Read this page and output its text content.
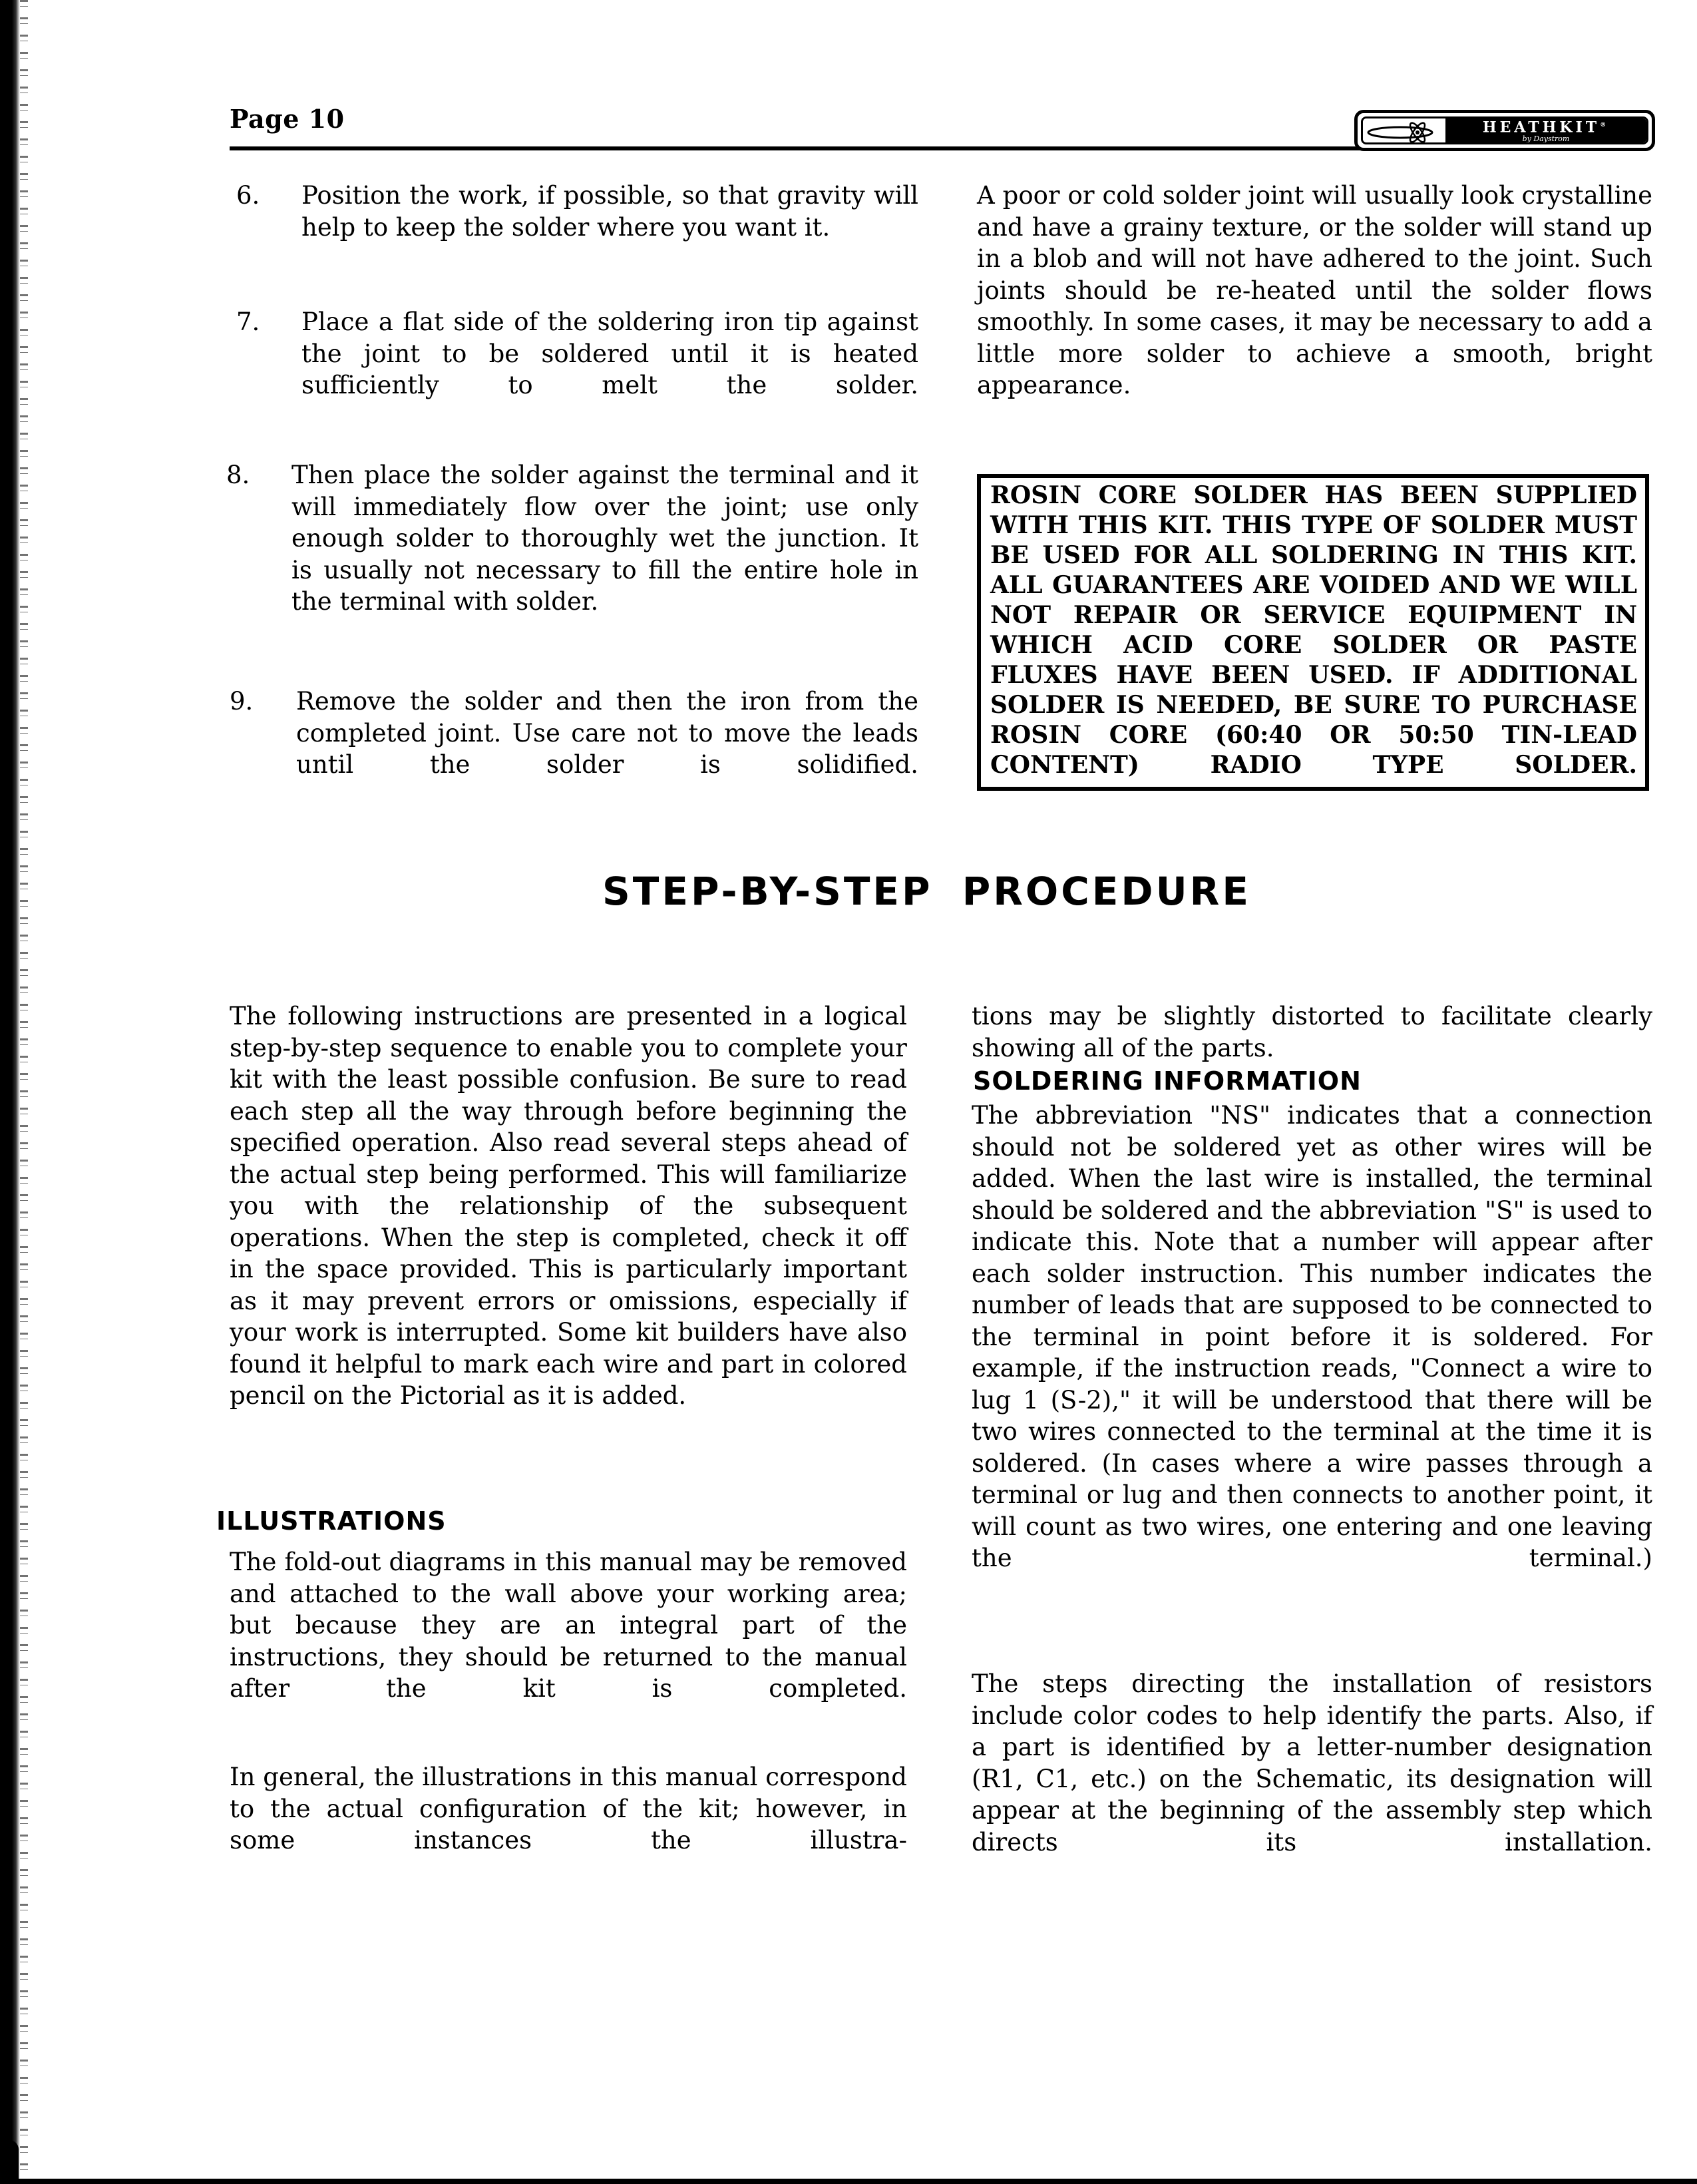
Page 10	HEATHKIT®
by Daystrom
6. Position the work, if possible, so that gravity will help to keep the solder where you want it.
7. Place a flat side of the soldering iron tip against the joint to be soldered until it is heated sufficiently to melt the solder.
8. Then place the solder against the terminal and it will immediately flow over the joint; use only enough solder to thoroughly wet the junction. It is usually not necessary to fill the entire hole in the terminal with solder.
9. Remove the solder and then the iron from the completed joint. Use care not to move the leads until the solder is solidified.
A poor or cold solder joint will usually look crystalline and have a grainy texture, or the solder will stand up in a blob and will not have adhered to the joint. Such joints should be re-heated until the solder flows smoothly. In some cases, it may be necessary to add a little more solder to achieve a smooth, bright appearance.
ROSIN CORE SOLDER HAS BEEN SUPPLIED WITH THIS KIT. THIS TYPE OF SOLDER MUST BE USED FOR ALL SOLDERING IN THIS KIT. ALL GUARANTEES ARE VOIDED AND WE WILL NOT REPAIR OR SERVICE EQUIPMENT IN WHICH ACID CORE SOLDER OR PASTE FLUXES HAVE BEEN USED. IF ADDITIONAL SOLDER IS NEEDED, BE SURE TO PURCHASE ROSIN CORE (60:40 OR 50:50 TIN-LEAD CONTENT) RADIO TYPE SOLDER.
STEP-BY-STEP PROCEDURE
The following instructions are presented in a logical step-by-step sequence to enable you to complete your kit with the least possible confusion. Be sure to read each step all the way through before beginning the specified operation. Also read several steps ahead of the actual step being performed. This will familiarize you with the relationship of the subsequent operations. When the step is completed, check it off in the space provided. This is particularly important as it may prevent errors or omissions, especially if your work is interrupted. Some kit builders have also found it helpful to mark each wire and part in colored pencil on the Pictorial as it is added.
ILLUSTRATIONS
The fold-out diagrams in this manual may be removed and attached to the wall above your working area; but because they are an integral part of the instructions, they should be returned to the manual after the kit is completed.
In general, the illustrations in this manual correspond to the actual configuration of the kit; however, in some instances the illustra-
tions may be slightly distorted to facilitate clearly showing all of the parts.
SOLDERING INFORMATION
The abbreviation "NS" indicates that a connection should not be soldered yet as other wires will be added. When the last wire is installed, the terminal should be soldered and the abbreviation "S" is used to indicate this. Note that a number will appear after each solder instruction. This number indicates the number of leads that are supposed to be connected to the terminal in point before it is soldered. For example, if the instruction reads, "Connect a wire to lug 1 (S-2)," it will be understood that there will be two wires connected to the terminal at the time it is soldered. (In cases where a wire passes through a terminal or lug and then connects to another point, it will count as two wires, one entering and one leaving the terminal.)
The steps directing the installation of resistors include color codes to help identify the parts. Also, if a part is identified by a letter-number designation (R1, C1, etc.) on the Schematic, its designation will appear at the beginning of the assembly step which directs its installation.
